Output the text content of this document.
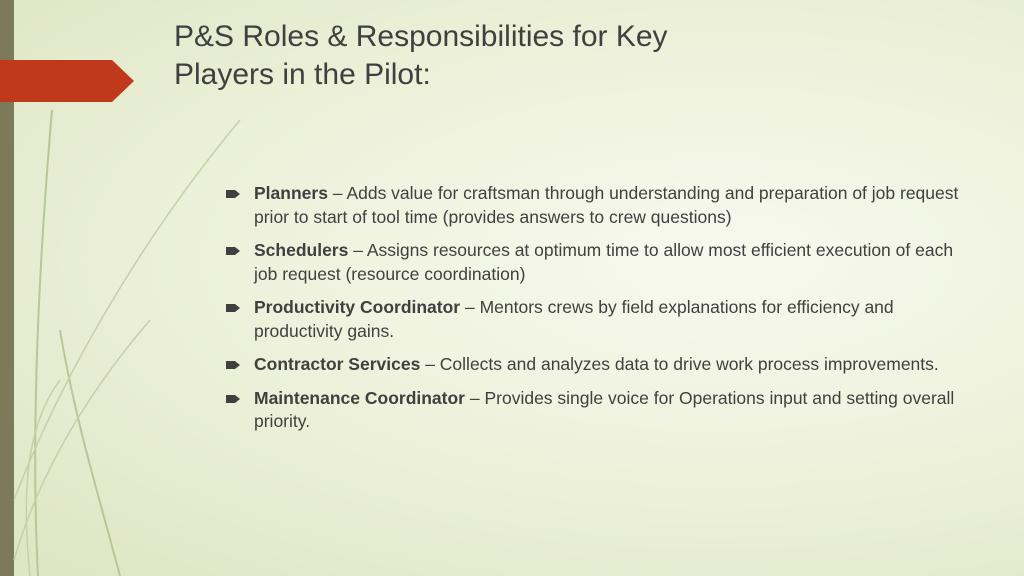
P&S Roles & Responsibilities for Key Players in the Pilot:
Planners – Adds value for craftsman through understanding and preparation of job request prior to start of tool time (provides answers to crew questions)
Schedulers – Assigns resources at optimum time to allow most efficient execution of each job request (resource coordination)
Productivity Coordinator – Mentors crews by field explanations for efficiency and productivity gains.
Contractor Services – Collects and analyzes data to drive work process improvements.
Maintenance Coordinator – Provides single voice for Operations input and setting overall priority.
